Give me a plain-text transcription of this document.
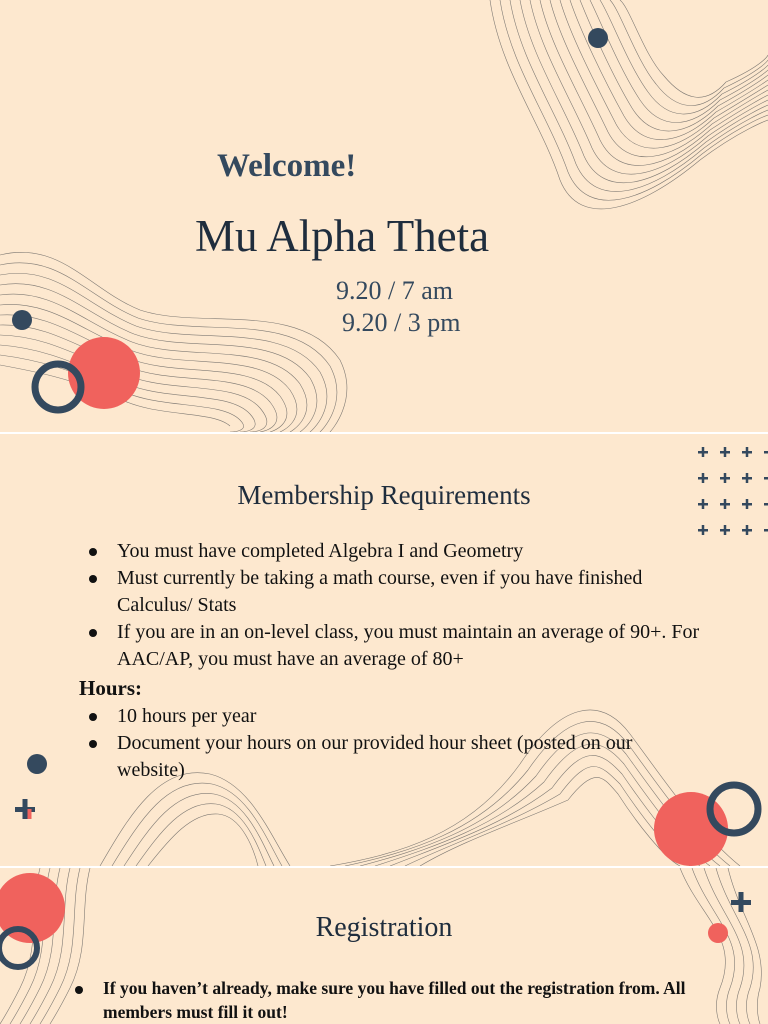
Welcome!
Mu Alpha Theta
9.20 / 7 am
9.20 / 3 pm
Membership Requirements
You must have completed Algebra I and Geometry
Must currently be taking a math course, even if you have finished Calculus/ Stats
If you are in an on-level class, you must maintain an average of 90+. For AAC/AP, you must have an average of 80+
Hours:
10 hours per year
Document your hours on our provided hour sheet (posted on our website)
Registration
If you haven’t already, make sure you have filled out the registration from. All members must fill it out!
